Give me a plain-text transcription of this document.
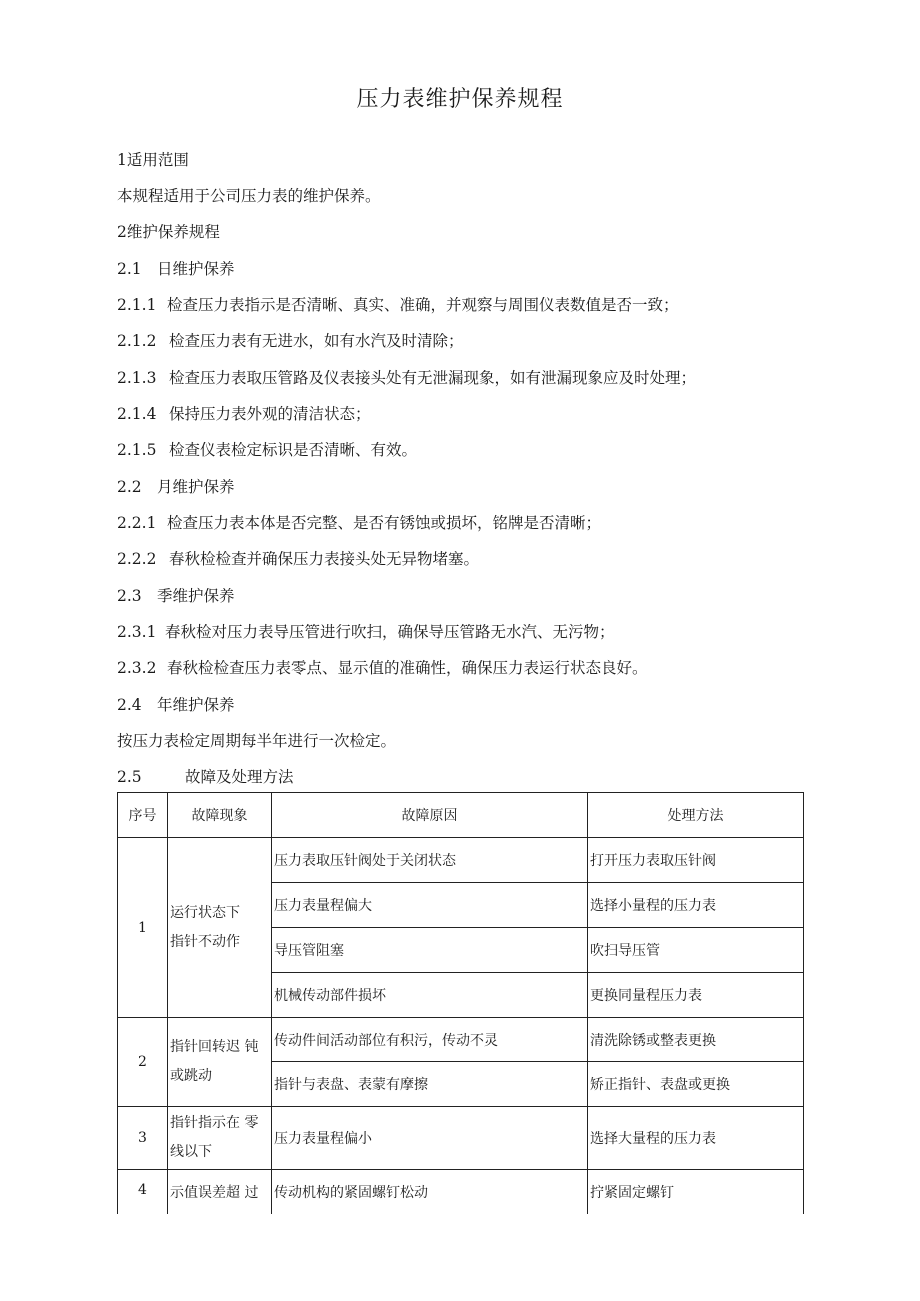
压力表维护保养规程
1适用范围
本规程适用于公司压力表的维护保养。
2维护保养规程
2.1 日维护保养
2.1.1 检查压力表指示是否清晰、真实、准确，并观察与周围仪表数值是否一致；
2.1.2 检查压力表有无进水，如有水汽及时清除；
2.1.3 检查压力表取压管路及仪表接头处有无泄漏现象，如有泄漏现象应及时处理；
2.1.4 保持压力表外观的清洁状态；
2.1.5 检查仪表检定标识是否清晰、有效。
2.2 月维护保养
2.2.1 检查压力表本体是否完整、是否有锈蚀或损坏，铭牌是否清晰；
2.2.2 春秋检检查并确保压力表接头处无异物堵塞。
2.3 季维护保养
2.3.1 春秋检对压力表导压管进行吹扫，确保导压管路无水汽、无污物；
2.3.2 春秋检检查压力表零点、显示值的准确性，确保压力表运行状态良好。
2.4 年维护保养
按压力表检定周期每半年进行一次检定。
2.5	故障及处理方法
序号	故障现象	故障原因	处理方法
1	运行状态下指针不动作	压力表取压针阀处于关闭状态	打开压力表取压针阀
		压力表量程偏大	选择小量程的压力表
		导压管阻塞	吹扫导压管
		机械传动部件损坏	更换同量程压力表
2	指针回转迟 钝或跳动	传动件间活动部位有积污，传动不灵	清洗除锈或整表更换
		指针与表盘、表蒙有摩擦	矫正指针、表盘或更换
3	指针指示在 零线以下	压力表量程偏小	选择大量程的压力表
4	示值误差超 过	传动机构的紧固螺钉松动	拧紧固定螺钉
